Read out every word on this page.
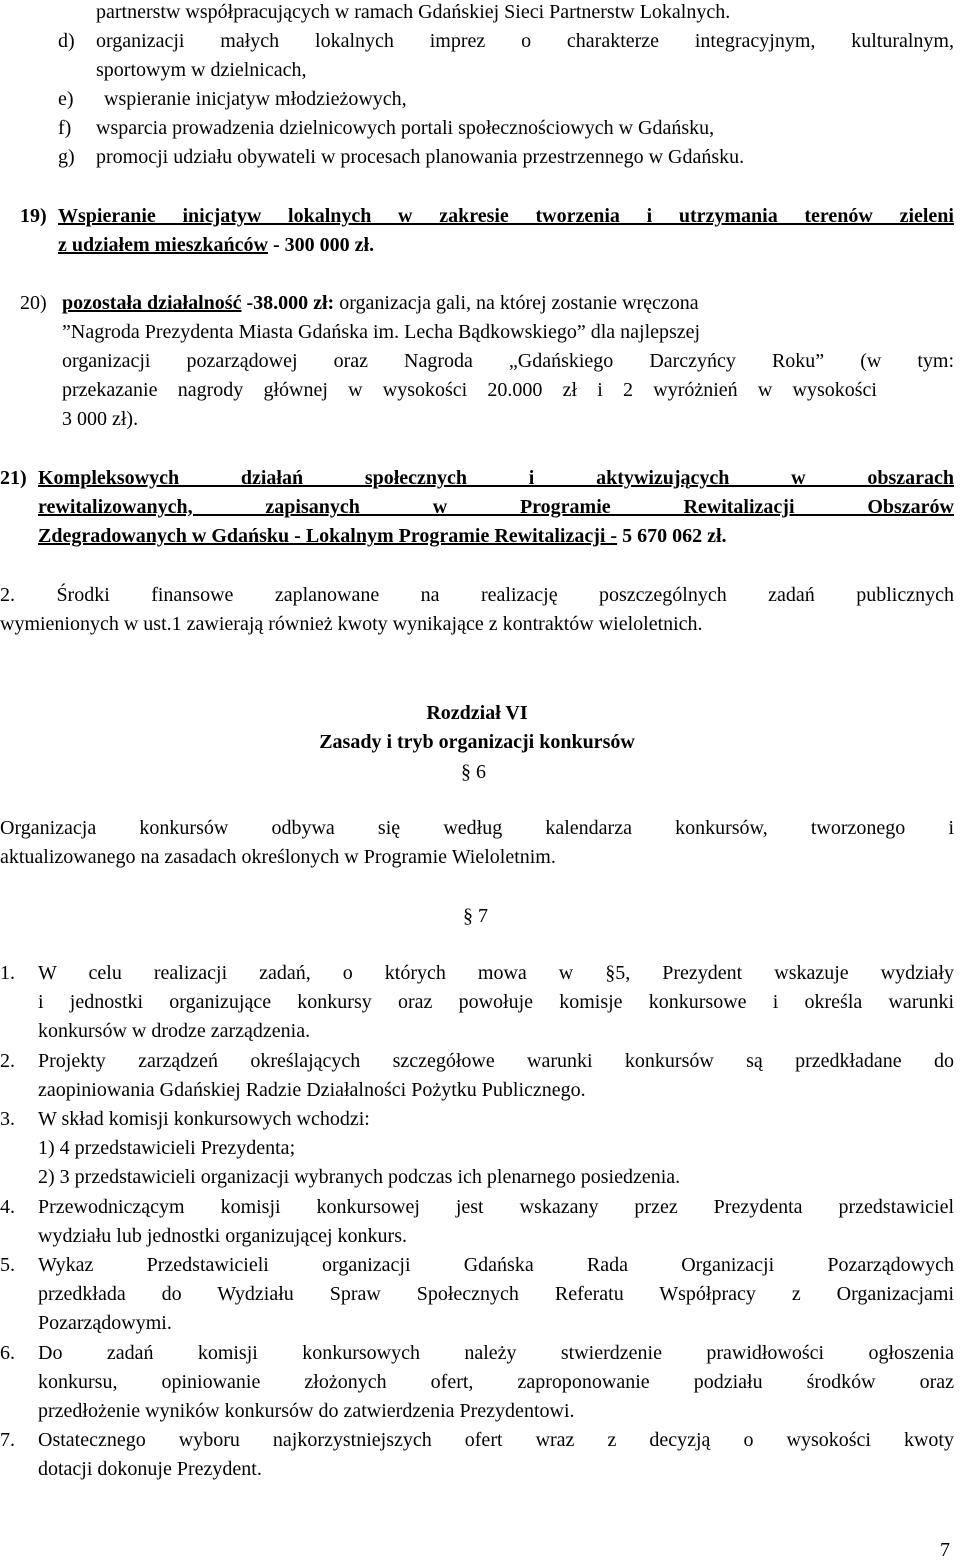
partnerstw współpracujących w ramach Gdańskiej Sieci Partnerstw Lokalnych.
d) organizacji małych lokalnych imprez o charakterze integracyjnym, kulturalnym,
sportowym w dzielnicach,
e) wspieranie inicjatyw młodzieżowych,
f) wsparcia prowadzenia dzielnicowych portali społecznościowych w Gdańsku,
g) promocji udziału obywateli w procesach planowania przestrzennego w Gdańsku.
19) Wspieranie inicjatyw lokalnych w zakresie tworzenia i utrzymania terenów zieleni
z udziałem mieszkańców - 300 000 zł.
20) pozostała działalność -38.000 zł: organizacja gali, na której zostanie wręczona
”Nagroda Prezydenta Miasta Gdańska im. Lecha Bądkowskiego” dla najlepszej
organizacji pozarządowej oraz Nagroda „Gdańskiego Darczyńcy Roku” (w tym:
przekazanie nagrody głównej w wysokości 20.000 zł i 2 wyróżnień w wysokości
3 000 zł).
21) Kompleksowych działań społecznych i aktywizujących w obszarach
rewitalizowanych, zapisanych w Programie Rewitalizacji Obszarów
Zdegradowanych w Gdańsku - Lokalnym Programie Rewitalizacji - 5 670 062 zł.
2. Środki finansowe zaplanowane na realizację poszczególnych zadań publicznych
wymienionych w ust.1 zawierają również kwoty wynikające z kontraktów wieloletnich.
Rozdział VI
Zasady i tryb organizacji konkursów
§ 6
Organizacja konkursów odbywa się według kalendarza konkursów, tworzonego i
aktualizowanego na zasadach określonych w Programie Wieloletnim.
§ 7
1. W celu realizacji zadań, o których mowa w §5, Prezydent wskazuje wydziały
i jednostki organizujące konkursy oraz powołuje komisje konkursowe i określa warunki
konkursów w drodze zarządzenia.
2. Projekty zarządzeń określających szczegółowe warunki konkursów są przedkładane do
zaopiniowania Gdańskiej Radzie Działalności Pożytku Publicznego.
3. W skład komisji konkursowych wchodzi:
1) 4 przedstawicieli Prezydenta;
2) 3 przedstawicieli organizacji wybranych podczas ich plenarnego posiedzenia.
4. Przewodniczącym komisji konkursowej jest wskazany przez Prezydenta przedstawiciel
wydziału lub jednostki organizującej konkurs.
5. Wykaz Przedstawicieli organizacji Gdańska Rada Organizacji Pozarządowych
przedkłada do Wydziału Spraw Społecznych Referatu Współpracy z Organizacjami
Pozarządowymi.
6. Do zadań komisji konkursowych należy stwierdzenie prawidłowości ogłoszenia
konkursu, opiniowanie złożonych ofert, zaproponowanie podziału środków oraz
przedłożenie wyników konkursów do zatwierdzenia Prezydentowi.
7. Ostatecznego wyboru najkorzystniejszych ofert wraz z decyzją o wysokości kwoty
dotacji dokonuje Prezydent.
7
